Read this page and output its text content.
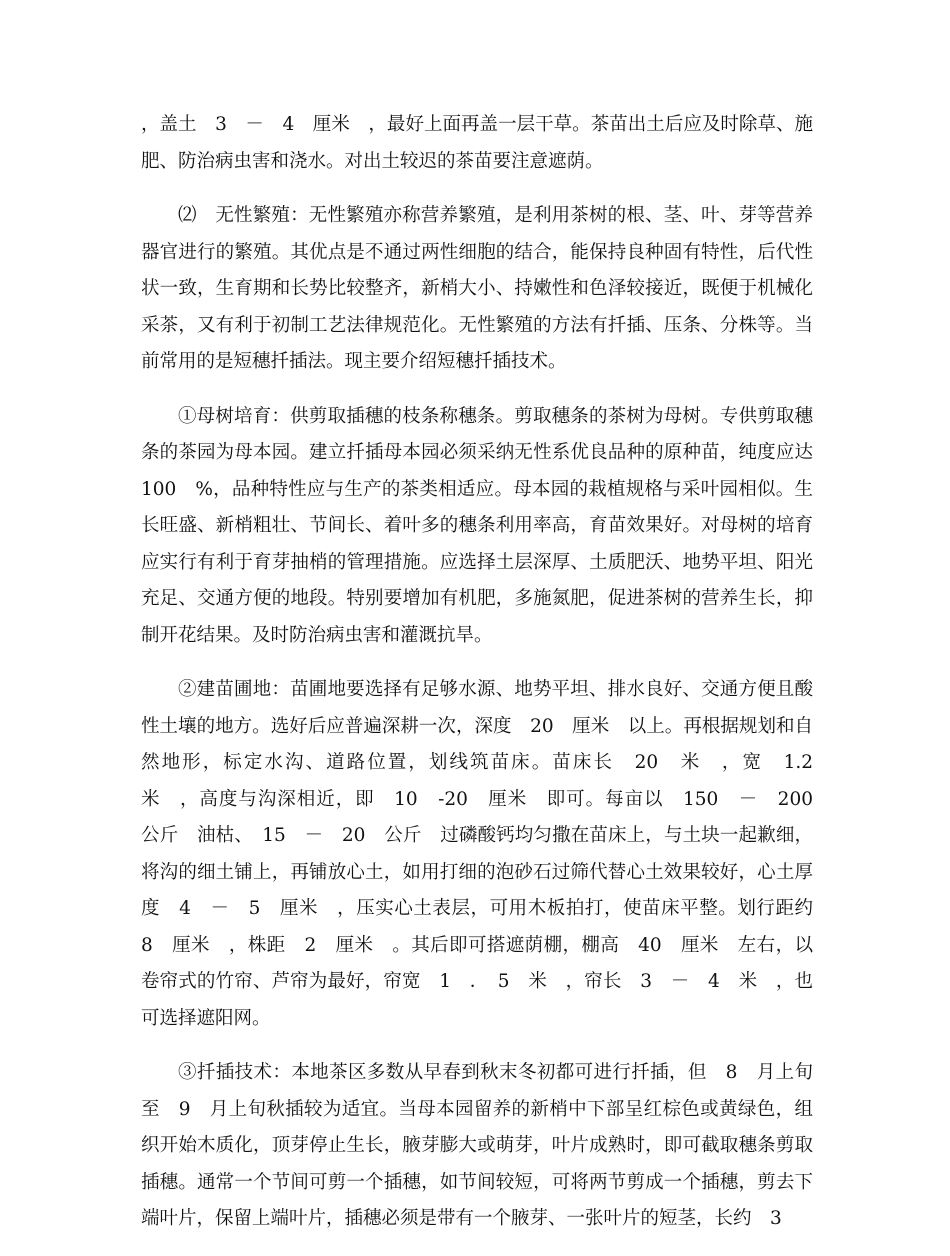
，盖土　3　－　4　厘米　，最好上面再盖一层干草。茶苗出土后应及时除草、施肥、防治病虫害和浇水。对出土较迟的茶苗要注意遮荫。

⑵　无性繁殖：无性繁殖亦称营养繁殖，是利用茶树的根、茎、叶、芽等营养器官进行的繁殖。其优点是不通过两性细胞的结合，能保持良种固有特性，后代性状一致，生育期和长势比较整齐，新梢大小、持嫩性和色泽较接近，既便于机械化采茶，又有利于初制工艺法律规范化。无性繁殖的方法有扦插、压条、分株等。当前常用的是短穗扦插法。现主要介绍短穗扦插技术。

①母树培育：供剪取插穗的枝条称穗条。剪取穗条的茶树为母树。专供剪取穗条的茶园为母本园。建立扦插母本园必须采纳无性系优良品种的原种苗，纯度应达100　%，品种特性应与生产的茶类相适应。母本园的栽植规格与采叶园相似。生长旺盛、新梢粗壮、节间长、着叶多的穗条利用率高，育苗效果好。对母树的培育应实行有利于育芽抽梢的管理措施。应选择土层深厚、土质肥沃、地势平坦、阳光充足、交通方便的地段。特别要增加有机肥，多施氮肥，促进茶树的营养生长，抑制开花结果。及时防治病虫害和灌溉抗旱。

②建苗圃地：苗圃地要选择有足够水源、地势平坦、排水良好、交通方便且酸性土壤的地方。选好后应普遍深耕一次，深度　20　厘米　以上。再根据规划和自然地形，标定水沟、道路位置，划线筑苗床。苗床长　20　米　，宽　1.2　米　，高度与沟深相近，即　10　-20　厘米　即可。每亩以　150　－　200　公斤　油枯、　15　－　20　公斤　过磷酸钙均匀撒在苗床上，与土块一起歉细，将沟的细土铺上，再铺放心土，如用打细的泡砂石过筛代替心土效果较好，心土厚度　4　－　5　厘米　，压实心土表层，可用木板拍打，使苗床平整。划行距约　8　厘米　，株距　2　厘米　。其后即可搭遮荫棚，棚高　40　厘米　左右，以卷帘式的竹帘、芦帘为最好，帘宽　1　．　5　米　，帘长　3　－　4　米　，也可选择遮阳网。

③扦插技术：本地茶区多数从早春到秋末冬初都可进行扦插，但　8　月上旬至　9　月上旬秋插较为适宜。当母本园留养的新梢中下部呈红棕色或黄绿色，组织开始木质化，顶芽停止生长，腋芽膨大或萌芽，叶片成熟时，即可截取穗条剪取插穗。通常一个节间可剪一个插穗，如节间较短，可将两节剪成一个插穗，剪去下端叶片，保留上端叶片，插穗必须是带有一个腋芽、一张叶片的短茎，长约　3
